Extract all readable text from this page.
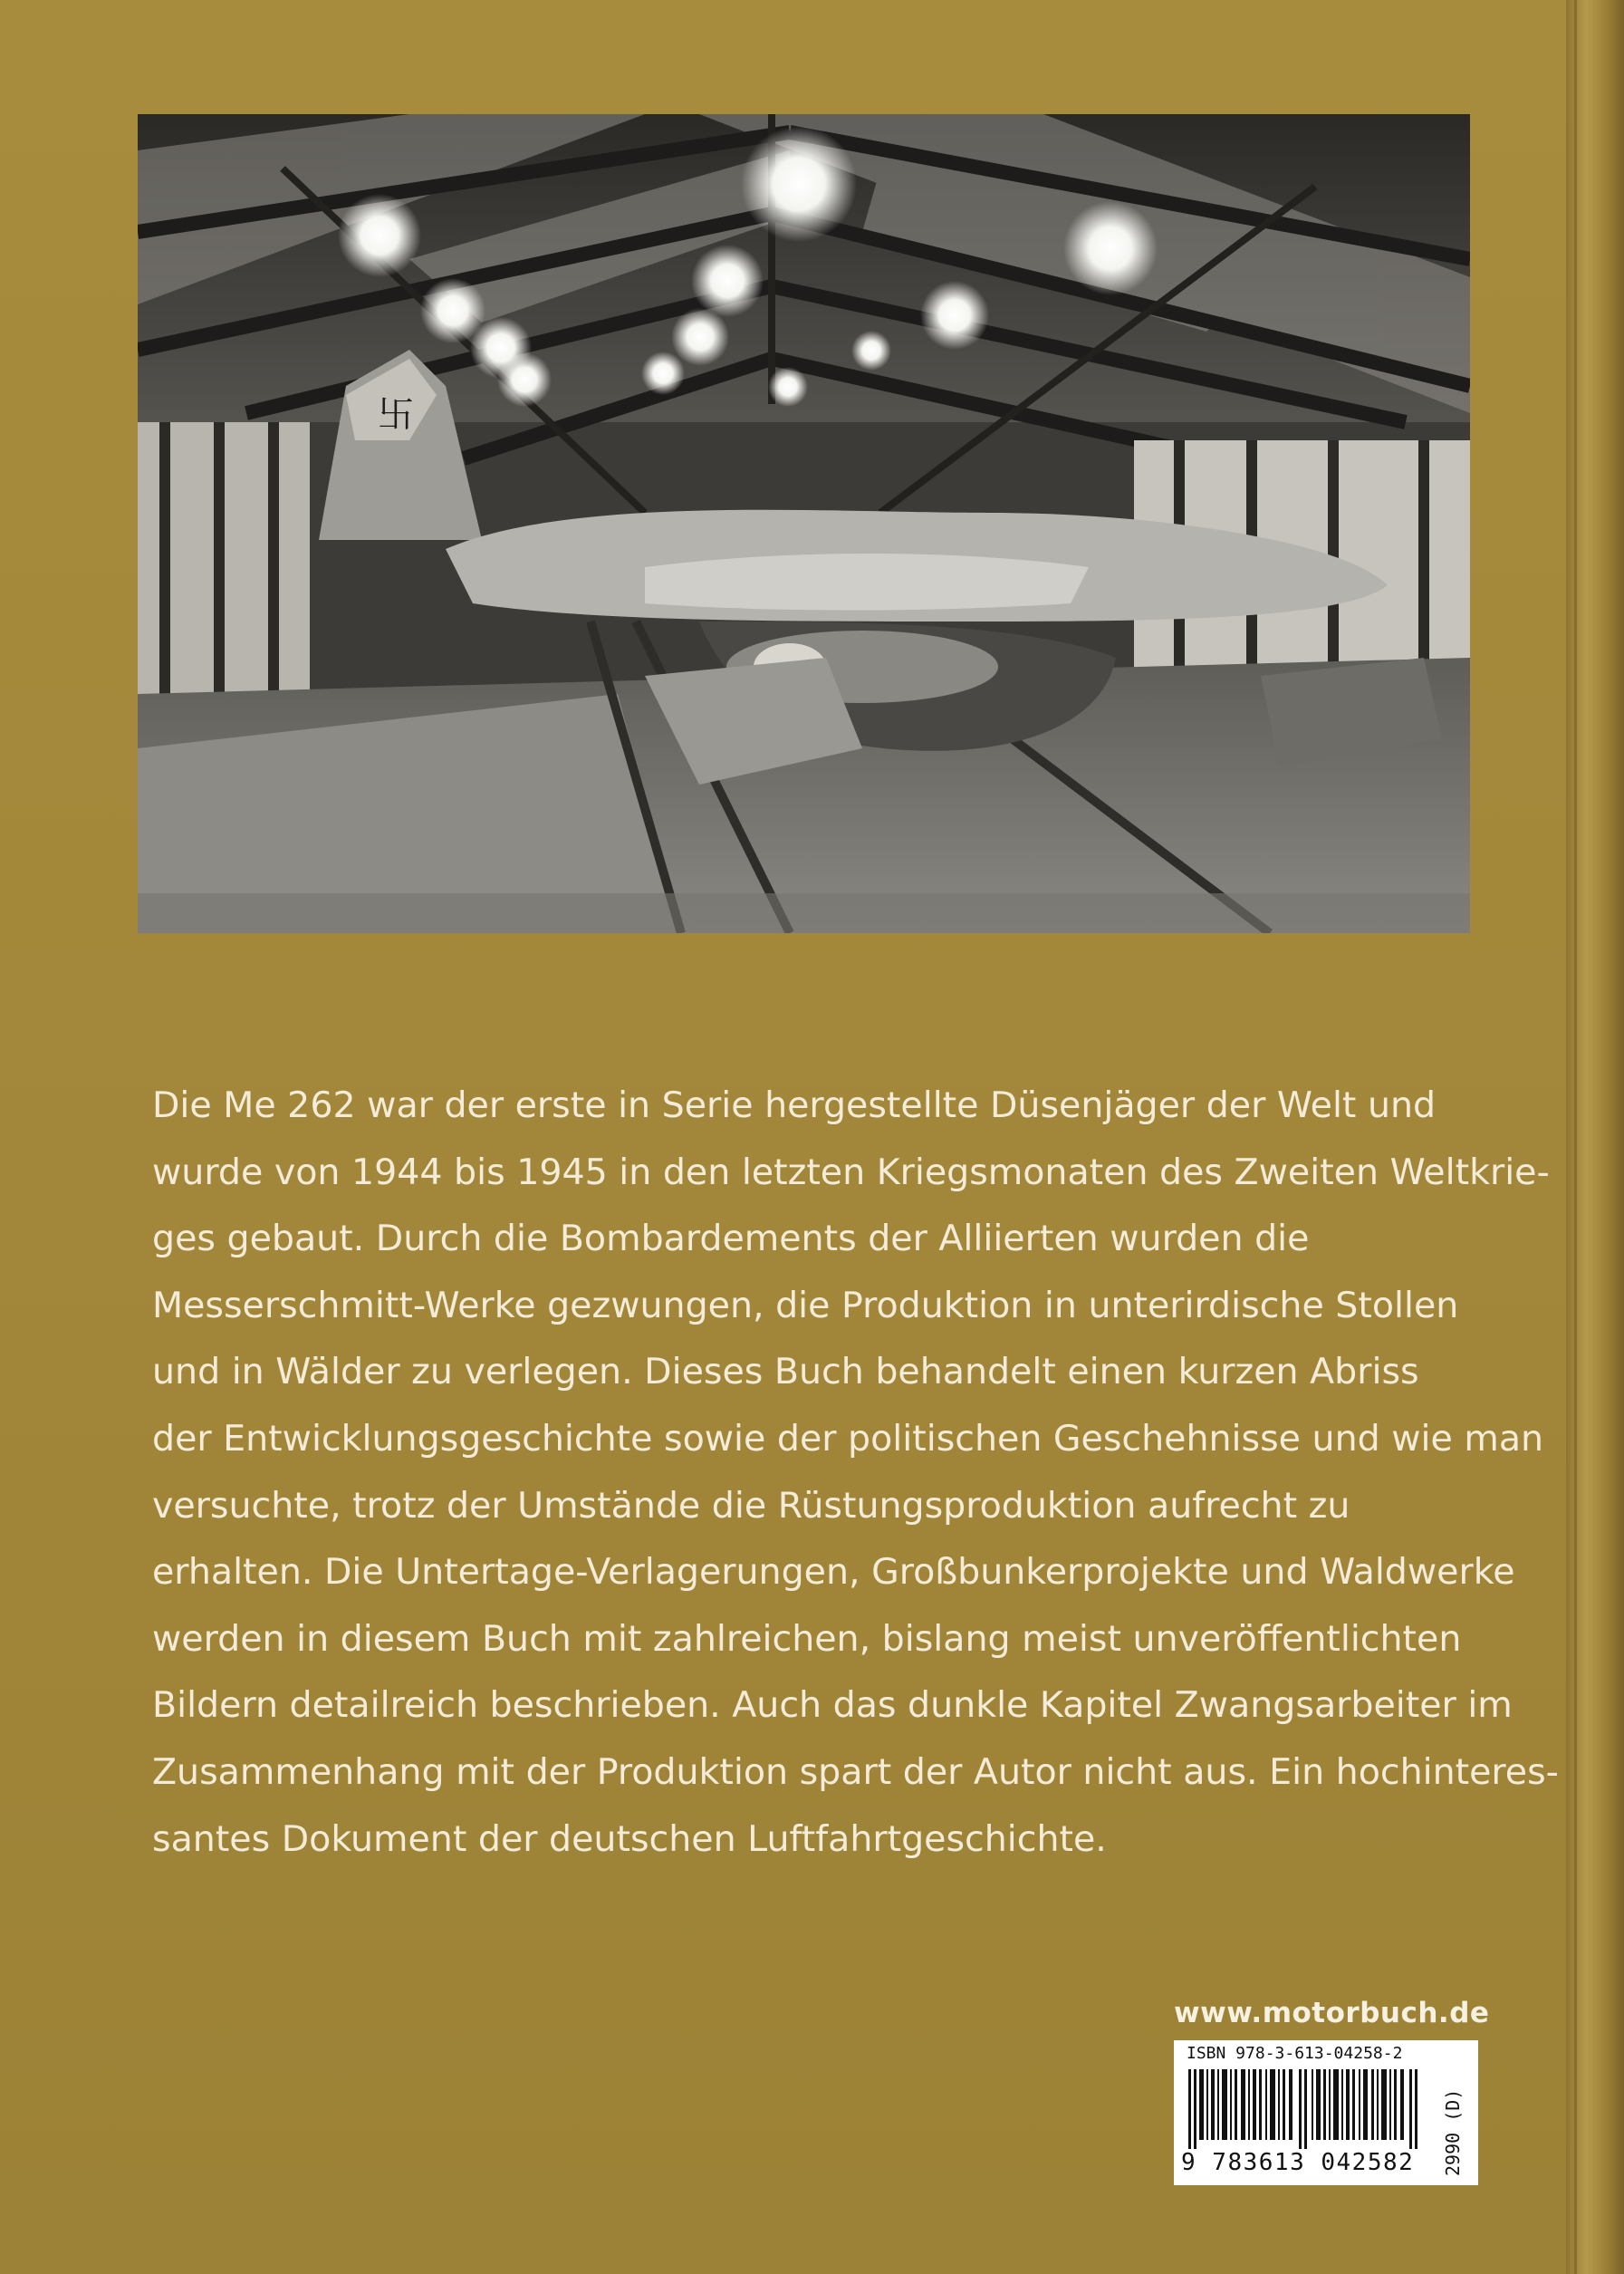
卐
Die Me 262 war der erste in Serie hergestellte Düsenjäger der Welt und
wurde von 1944 bis 1945 in den letzten Kriegsmonaten des Zweiten Weltkrie-
ges gebaut. Durch die Bombardements der Alliierten wurden die
Messerschmitt-Werke gezwungen, die Produktion in unterirdische Stollen
und in Wälder zu verlegen. Dieses Buch behandelt einen kurzen Abriss
der Entwicklungsgeschichte sowie der politischen Geschehnisse und wie man
versuchte, trotz der Umstände die Rüstungsproduktion aufrecht zu
erhalten. Die Untertage-Verlagerungen, Großbunkerprojekte und Waldwerke
werden in diesem Buch mit zahlreichen, bislang meist unveröffentlichten
Bildern detailreich beschrieben. Auch das dunkle Kapitel Zwangsarbeiter im
Zusammenhang mit der Produktion spart der Autor nicht aus. Ein hochinteres-
santes Dokument der deutschen Luftfahrtgeschichte.
www.motorbuch.de
ISBN 978-3-613-04258-2
9 783613 042582	2990 (D)
